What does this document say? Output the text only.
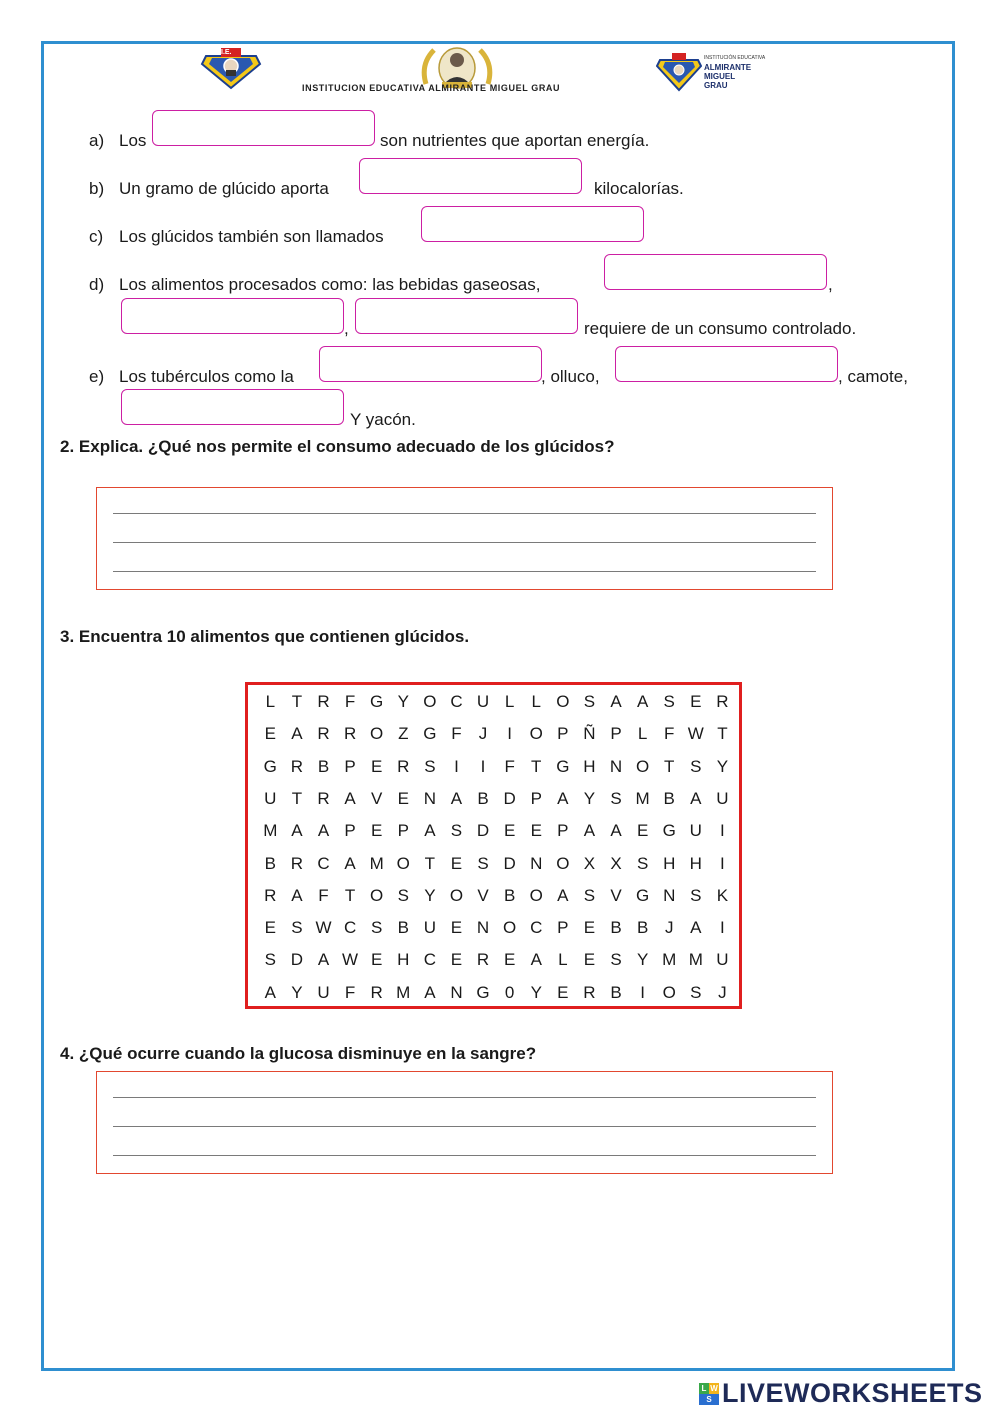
I.E.
INSTITUCION EDUCATIVA ALMIRANTE MIGUEL GRAU
INSTITUCIÓN EDUCATIVA
ALMIRANTE
MIGUEL
GRAU
a) Los	son nutrientes que aportan energía.
b) Un gramo de glúcido aporta	kilocalorías.
c) Los glúcidos también son llamados
d) Los alimentos procesados como: las bebidas gaseosas,	,
,	requiere de un consumo controlado.
e) Los tubérculos como la	, olluco,	, camote,
Y yacón.
2. Explica. ¿Qué nos permite el consumo adecuado de los glúcidos?
3. Encuentra 10 alimentos que contienen glúcidos.
L T R F G Y O C U L	L O S A A S E R
E A R R O Z G F	J	I	O P Ñ P L F W T
G R B P E R S	I	I	F T G H N O T S Y
U T R A V E N A B D P A Y S M B A U
M A A P E P A S D E E P A A E G U	I
B R C A M O T E S D N O X X S H H	I
R A F T O S Y O V B O A S V G N S K
E S W C S B U E N O C P E B B J A	I
S D A W E H C E R E A L E S Y M M U
A Y U F R M A N G 0 Y E R B	I	O S J
4. ¿Qué ocurre cuando la glucosa disminuye en la sangre?
L W
S LIVEWORKSHEETS
